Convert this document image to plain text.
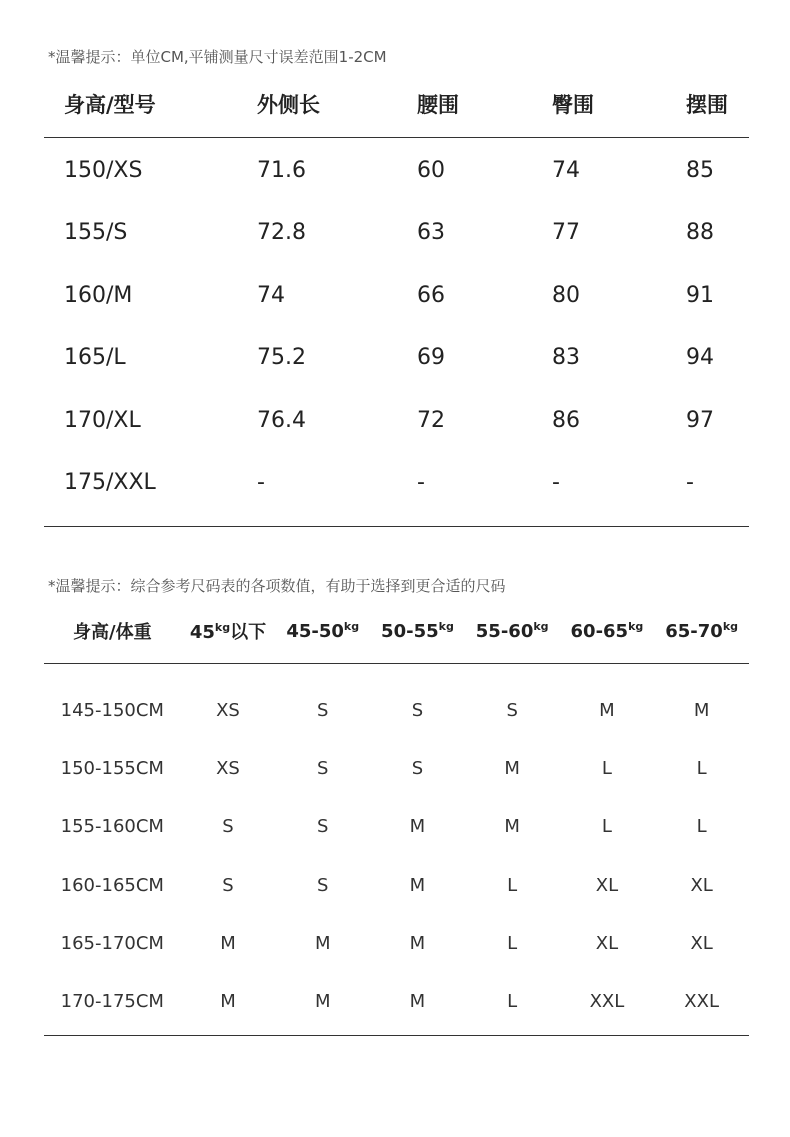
*温馨提示：单位CM,平铺测量尺寸误差范围1-2CM
身高/型号	外侧长	腰围	臀围	摆围
150/XS	71.6	60	74	85
155/S	72.8	63	77	88
160/M	74	66	80	91
165/L	75.2	69	83	94
170/XL	76.4	72	86	97
175/XXL	-	-	-	-
*温馨提示：综合参考尺码表的各项数值，有助于选择到更合适的尺码
身高/体重	$45^{kg}$以下	$45-50^{kg}$	$50-55^{kg}$	$55-60^{kg}$	$60-65^{kg}$	$65-70^{kg}$
145-150CM	XS	S	S	S	M	M
150-155CM	XS	S	S	M	L	L
155-160CM	S	S	M	M	L	L
160-165CM	S	S	M	L	XL	XL
165-170CM	M	M	M	L	XL	XL
170-175CM	M	M	M	L	XXL	XXL
